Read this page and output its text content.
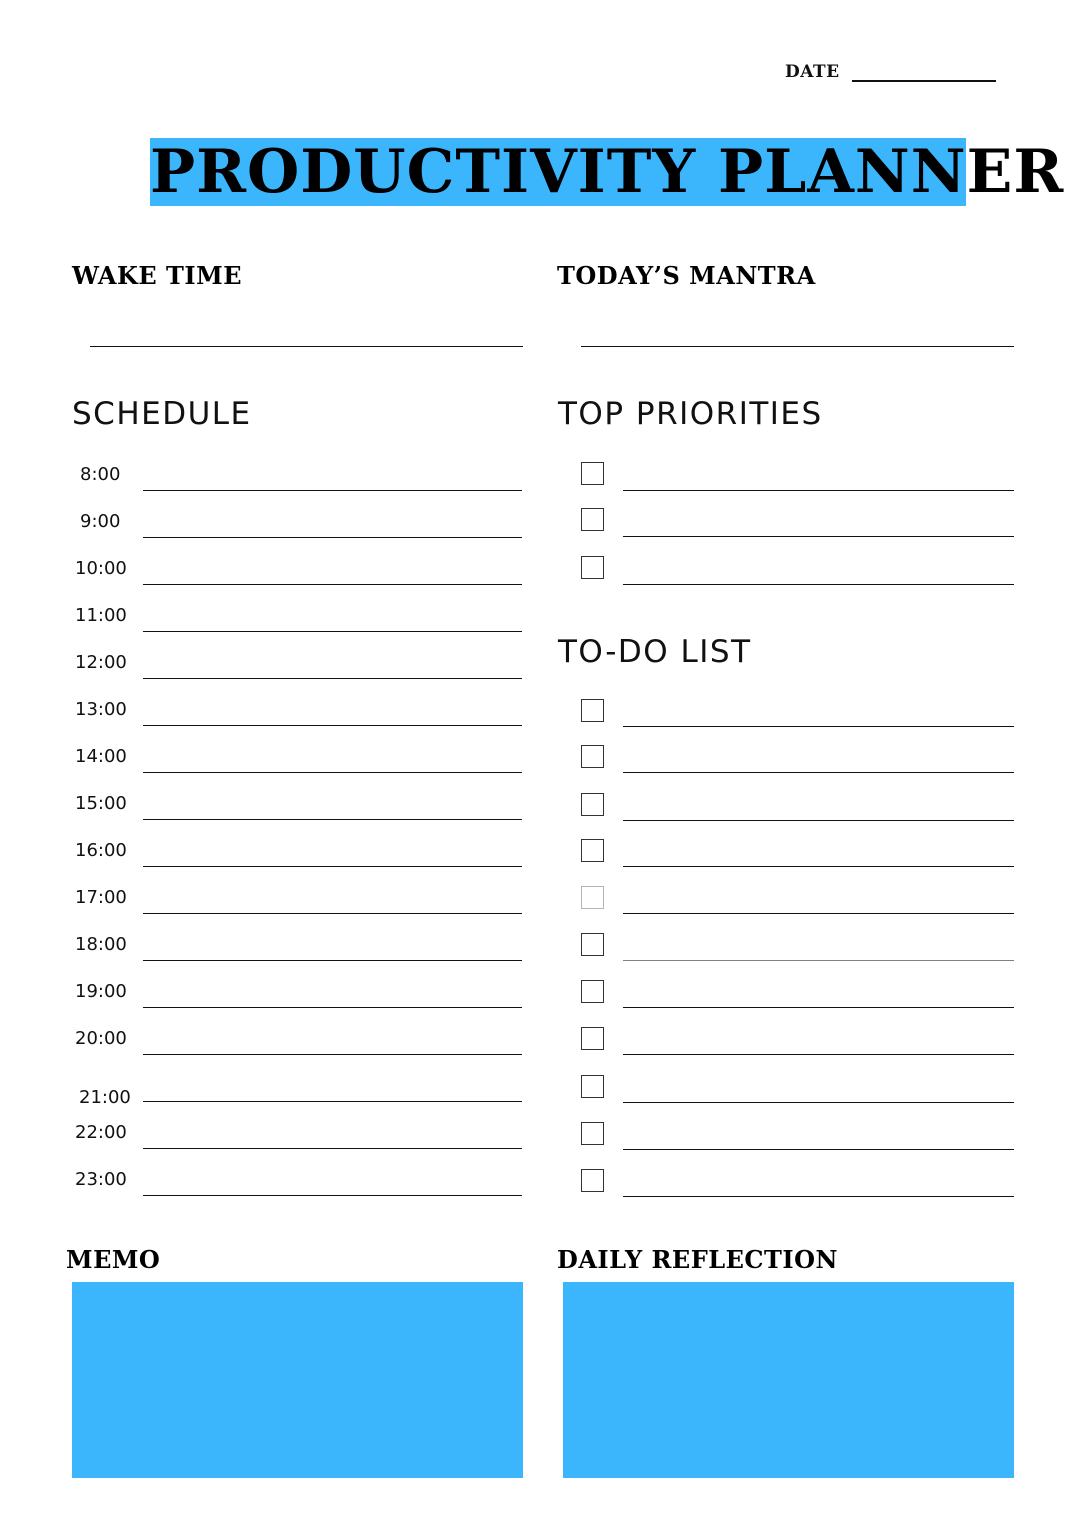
DATE
PRODUCTIVITY PLANNER
WAKE TIME	TODAY’S MANTRA
SCHEDULE
8:00
9:00
10:00
11:00
12:00
13:00
14:00
15:00
16:00
17:00
18:00
19:00
20:00
21:00
22:00
23:00
TOP PRIORITIES
TO-DO LIST
MEMO	DAILY REFLECTION
